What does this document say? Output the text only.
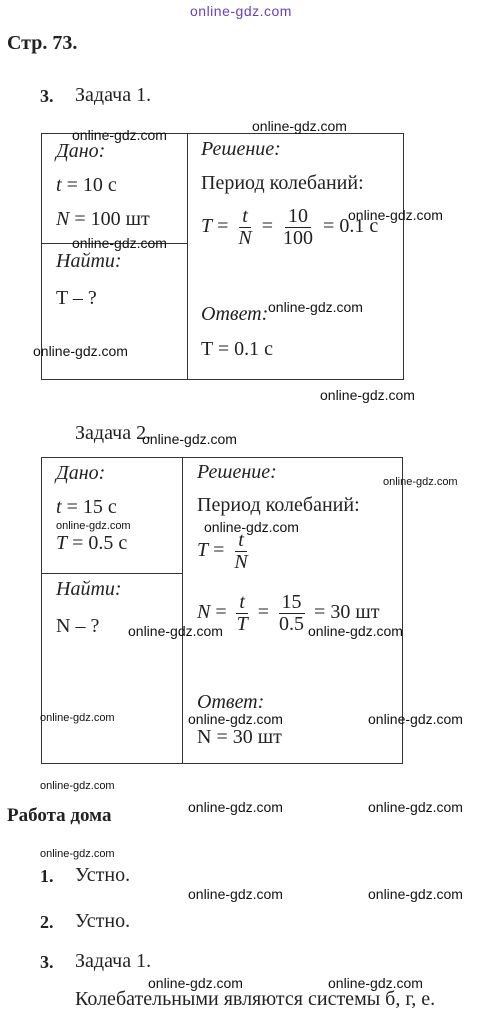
online-gdz.com
Стр. 73.
3. Задача 1.
Дано:
t = 10 с
N = 100 шт
Найти:
T – ?
Решение:
Период колебаний:
$T = \frac{t}{N} = \frac{10}{100} = 0.1$ с
Ответ:
T = 0.1 с
Задача 2.
Дано:
t = 15 с
T = 0.5 с
Найти:
N – ?
Решение:
Период колебаний:
$T = \frac{t}{N}$
$N = \frac{t}{T} = \frac{15}{0.5} = 30$ шт
Ответ:
N = 30 шт
Работа дома
1. Устно.
2. Устно.
3. Задача 1.
Колебательными являются системы б, г, е.
online-gdz.com
online-gdz.com
online-gdz.com
online-gdz.com
online-gdz.com
online-gdz.com
online-gdz.com
online-gdz.com
online-gdz.com
online-gdz.com	online-gdz.com
online-gdz.com	online-gdz.com
online-gdz.com	online-gdz.com	online-gdz.com
online-gdz.com
online-gdz.com	online-gdz.com
online-gdz.com
online-gdz.com	online-gdz.com
online-gdz.com	online-gdz.com
